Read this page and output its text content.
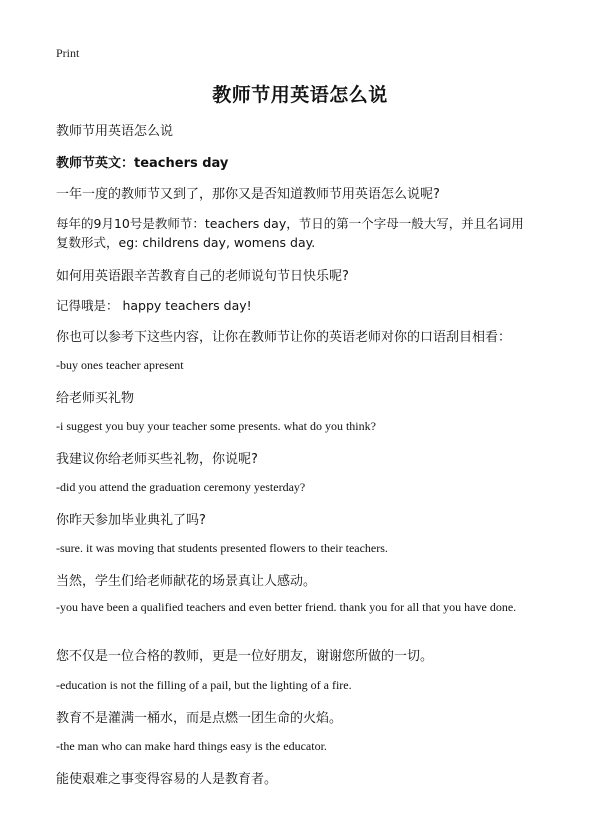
Print
教师节用英语怎么说
教师节用英语怎么说
教师节英文：teachers day
一年一度的教师节又到了，那你又是否知道教师节用英语怎么说呢?
每年的9月10号是教师节：teachers day，节日的第一个字母一般大写，并且名词用
复数形式，eg: childrens day, womens day.
如何用英语跟辛苦教育自己的老师说句节日快乐呢?
记得哦是： happy teachers day!
你也可以参考下这些内容，让你在教师节让你的英语老师对你的口语刮目相看：
-buy ones teacher apresent
给老师买礼物
-i suggest you buy your teacher some presents. what do you think?
我建议你给老师买些礼物，你说呢?
-did you attend the graduation ceremony yesterday?
你昨天参加毕业典礼了吗?
-sure. it was moving that students presented flowers to their teachers.
当然，学生们给老师献花的场景真让人感动。
-you have been a qualified teachers and even better friend. thank you for all that you have done.
您不仅是一位合格的教师，更是一位好朋友，谢谢您所做的一切。
-education is not the filling of a pail, but the lighting of a fire.
教育不是灌满一桶水，而是点燃一团生命的火焰。
-the man who can make hard things easy is the educator.
能使艰难之事变得容易的人是教育者。
